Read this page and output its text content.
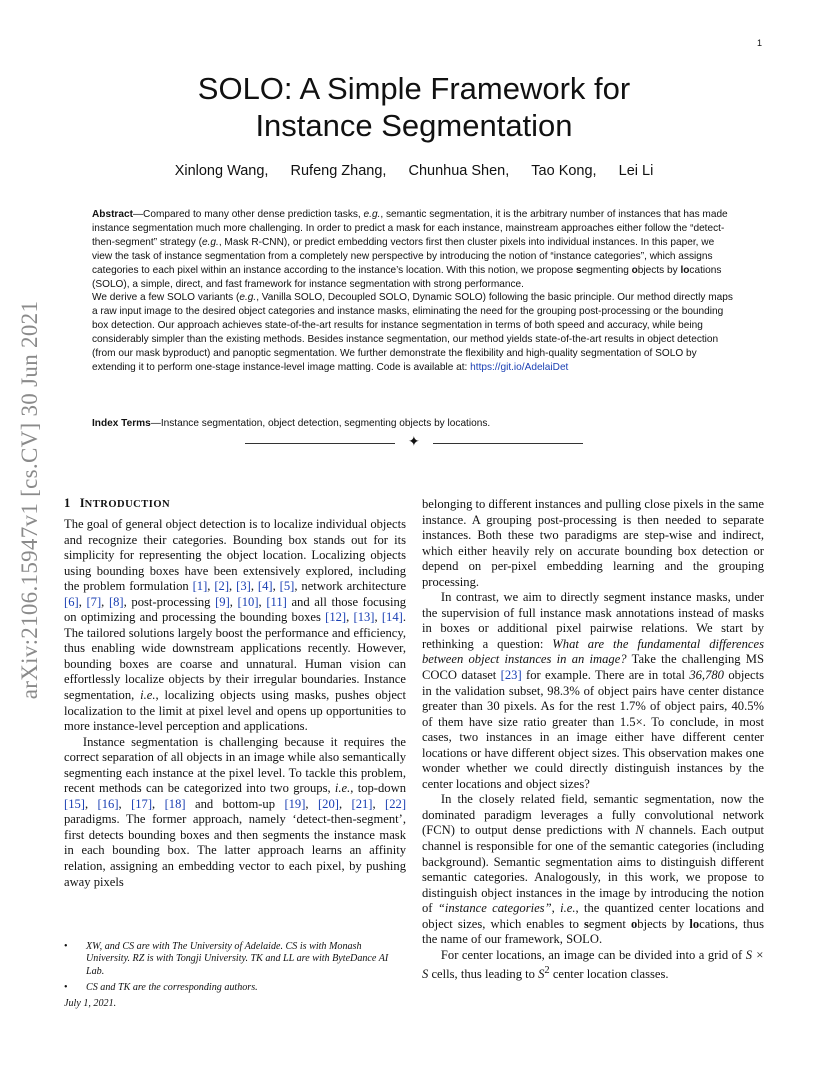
1
arXiv:2106.15947v1 [cs.CV] 30 Jun 2021
SOLO: A Simple Framework for
Instance Segmentation
Xinlong Wang, Rufeng Zhang, Chunhua Shen, Tao Kong, Lei Li

Abstract—Compared to many other dense prediction tasks, e.g., semantic segmentation, it is the arbitrary number of instances that has made instance segmentation much more challenging. In order to predict a mask for each instance, mainstream approaches either follow the “detect-then-segment” strategy (e.g., Mask R-CNN), or predict embedding vectors first then cluster pixels into individual instances. In this paper, we view the task of instance segmentation from a completely new perspective by introducing the notion of “instance categories”, which assigns categories to each pixel within an instance according to the instance’s location. With this notion, we propose segmenting objects by locations (SOLO), a simple, direct, and fast framework for instance segmentation with strong performance.

We derive a few SOLO variants (e.g., Vanilla SOLO, Decoupled SOLO, Dynamic SOLO) following the basic principle. Our method directly maps a raw input image to the desired object categories and instance masks, eliminating the need for the grouping post-processing or the bounding box detection. Our approach achieves state-of-the-art results for instance segmentation in terms of both speed and accuracy, while being considerably simpler than the existing methods. Besides instance segmentation, our method yields state-of-the-art results in object detection (from our mask byproduct) and panoptic segmentation. We further demonstrate the flexibility and high-quality segmentation of SOLO by extending it to perform one-stage instance-level image matting. Code is available at: https://git.io/AdelaiDet

Index Terms—Instance segmentation, object detection, segmenting objects by locations.
✦
1 INTRODUCTION

The goal of general object detection is to localize individual objects and recognize their categories. Bounding box stands out for its simplicity for representing the object location. Localizing objects using bounding boxes have been extensively explored, including the problem formulation [1], [2], [3], [4], [5], network architecture [6], [7], [8], post-processing [9], [10], [11] and all those focusing on optimizing and processing the bounding boxes [12], [13], [14]. The tailored solutions largely boost the performance and efficiency, thus enabling wide downstream applications recently. However, bounding boxes are coarse and unnatural. Human vision can effortlessly localize objects by their irregular boundaries. Instance segmentation, i.e., localizing objects using masks, pushes object localization to the limit at pixel level and opens up opportunities to more instance-level perception and applications.

Instance segmentation is challenging because it requires the correct separation of all objects in an image while also semantically segmenting each instance at the pixel level. To tackle this problem, recent methods can be categorized into two groups, i.e., top-down [15], [16], [17], [18] and bottom-up [19], [20], [21], [22] paradigms. The former approach, namely ‘detect-then-segment’, first detects bounding boxes and then segments the instance mask in each bounding box. The latter approach learns an affinity relation, assigning an embedding vector to each pixel, by pushing away pixels

• XW, and CS are with The University of Adelaide. CS is with Monash University. RZ is with Tongji University. TK and LL are with ByteDance AI Lab.
• CS and TK are the corresponding authors.
July 1, 2021.

belonging to different instances and pulling close pixels in the same instance. A grouping post-processing is then needed to separate instances. Both these two paradigms are step-wise and indirect, which either heavily rely on accurate bounding box detection or depend on per-pixel embedding learning and the grouping processing.

In contrast, we aim to directly segment instance masks, under the supervision of full instance mask annotations instead of masks in boxes or additional pixel pairwise relations. We start by rethinking a question: What are the fundamental differences between object instances in an image? Take the challenging MS COCO dataset [23] for example. There are in total 36,780 objects in the validation subset, 98.3% of object pairs have center distance greater than 30 pixels. As for the rest 1.7% of object pairs, 40.5% of them have size ratio greater than 1.5×. To conclude, in most cases, two instances in an image either have different center locations or have different object sizes. This observation makes one wonder whether we could directly distinguish instances by the center locations and object sizes?

In the closely related field, semantic segmentation, now the dominated paradigm leverages a fully convolutional network (FCN) to output dense predictions with N channels. Each output channel is responsible for one of the semantic categories (including background). Semantic segmentation aims to distinguish different semantic categories. Analogously, in this work, we propose to distinguish object instances in the image by introducing the notion of “instance categories”, i.e., the quantized center locations and object sizes, which enables to segment objects by locations, thus the name of our framework, SOLO.

For center locations, an image can be divided into a grid of S × S cells, thus leading to $S^2$ center location classes.
